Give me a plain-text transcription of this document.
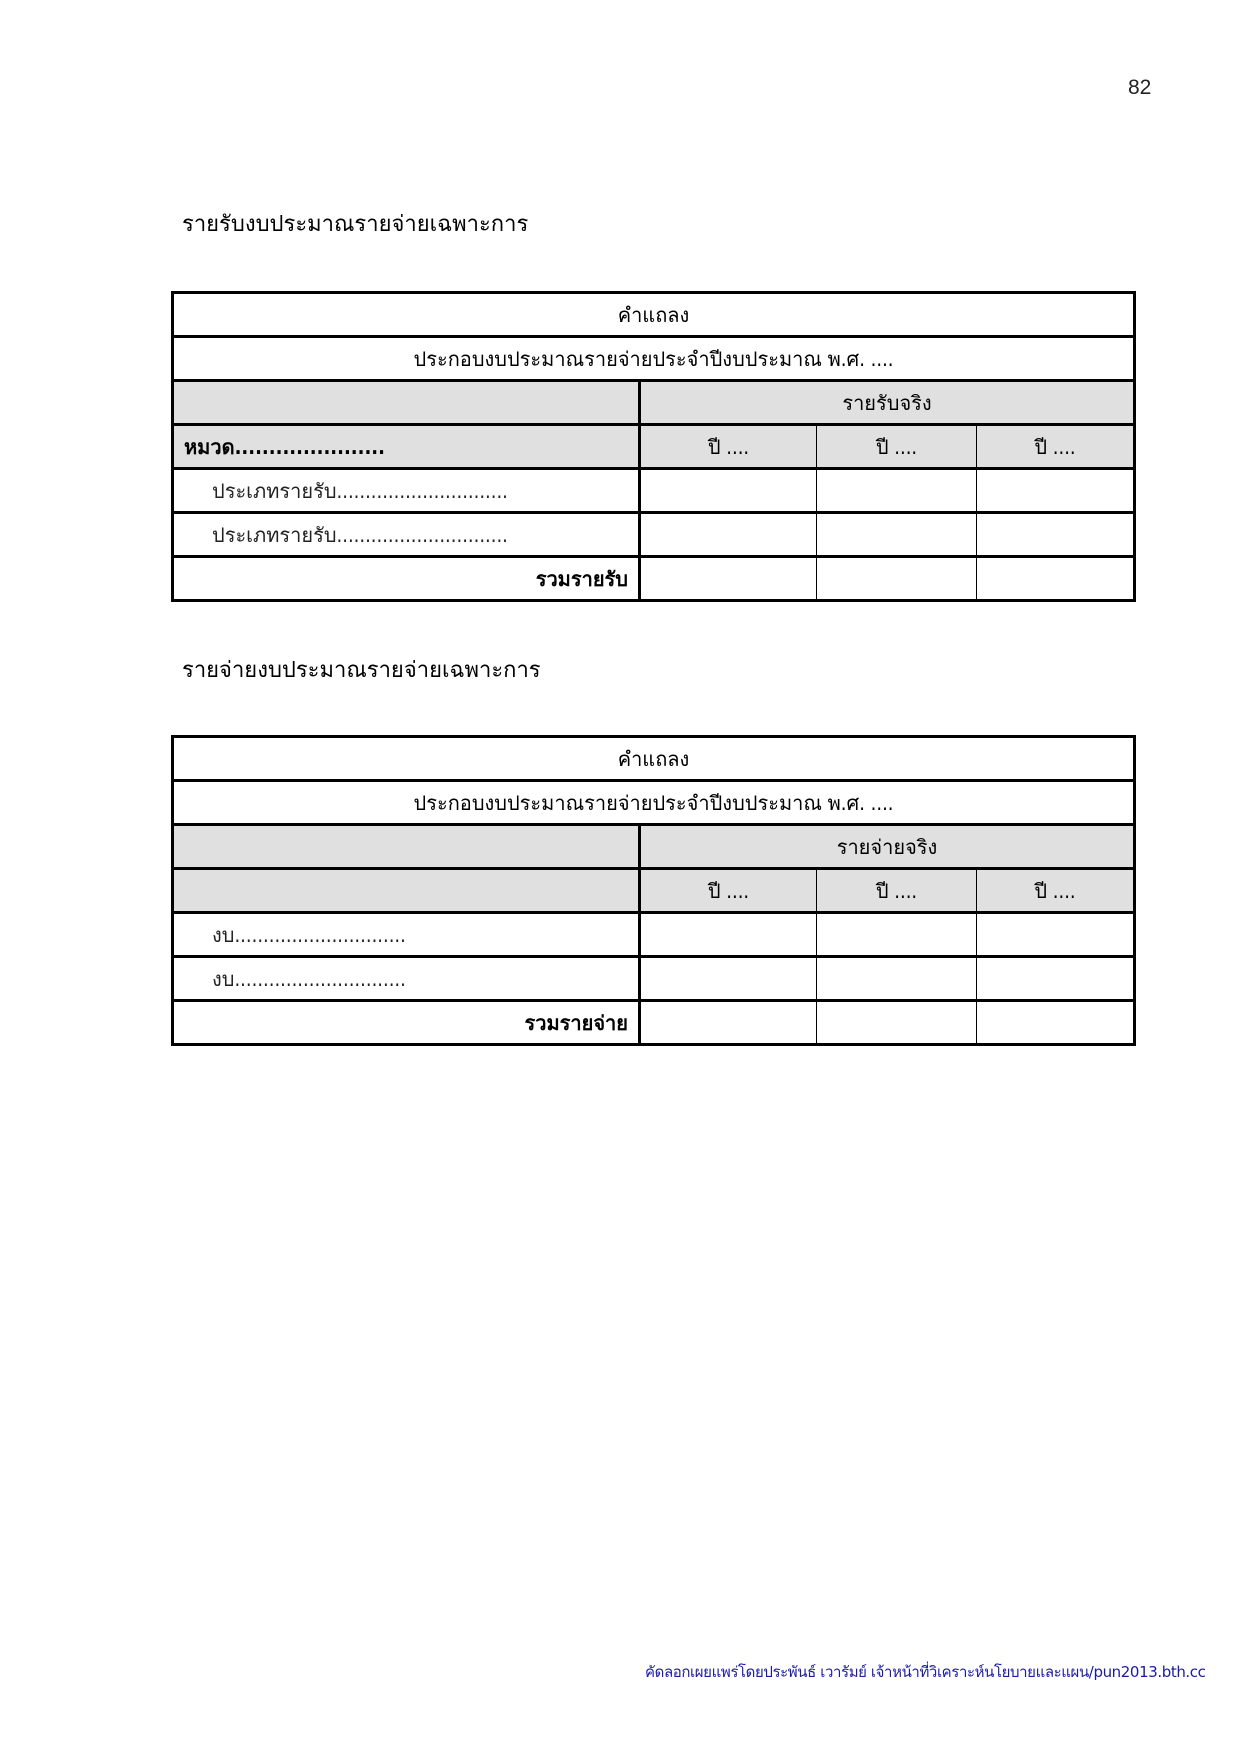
82
รายรับงบประมาณรายจ่ายเฉพาะการ
คำแถลง			
ประกอบงบประมาณรายจ่ายประจำปีงบประมาณ พ.ศ. ....			
	รายรับจริง		
หมวด......................	ปี ....	ปี ....	ปี ....
ประเภทรายรับ..............................			
ประเภทรายรับ..............................			
รวมรายรับ			
รายจ่ายงบประมาณรายจ่ายเฉพาะการ
คำแถลง			
ประกอบงบประมาณรายจ่ายประจำปีงบประมาณ พ.ศ. ....			
	รายจ่ายจริง		
	ปี ....	ปี ....	ปี ....
งบ..............................			
งบ..............................			
รวมรายจ่าย			
คัดลอกเผยแพร่โดยประพันธ์ เวารัมย์ เจ้าหน้าที่วิเคราะห์นโยบายและแผน/pun2013.bth.cc
